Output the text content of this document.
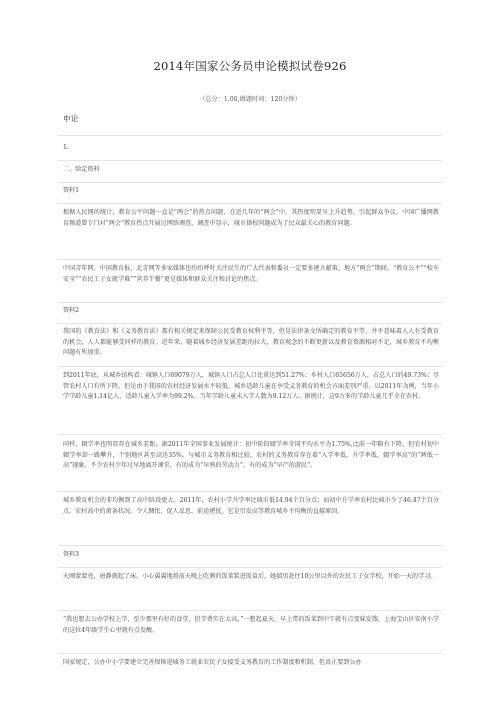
2014年国家公务员申论模拟试卷926
（总分：1.00,做题时间：120分钟）
申论
1.
二、给定资料
资料1

根据人民网的统计，教育公平问题一直是“两会”的热点问题，在近几年的“两会”中，其热度明显呈上升趋势，引起群众争议。中国广播网教育频道曾专门对“两会”教育热点开展过网络调查，调查中显示，城市择校问题成为了民众最关心的教育问题。

中国青年网、中国教育报、北青网等多家媒体也纷纷呼吁关注民生的广大代表和委员一定要多建言献策。地方“两会”期间，“教育公平”“校车安全”“农民工子女就学难”“营养午餐”更是媒体和群众关注和讨论的焦点。

资料2

我国的《教育法》和《义务教育法》都有相关规定来保障公民受教育权利平等，但是法律条文所确定的教育平等，并不意味着人人有受教育的机会，人人都能够受同样的教育。近年来，随着城乡经济发展差距的拉大，教育观念的不断更新以及教育资源相对不足，城乡教育不均衡问题有所加重。

到2011年底，从城乡结构看：城镇人口69079万人，城镇人口占总人口比重达到51.27%；乡村人口65656万人，占总人口的49.73%；尽管农村人口有所下降，但是由于我国的农村经济发展水平较低，城乡适龄儿童在享受义务教育的机会方面差别严重。以2011年为例，当年小学学龄儿童1.14亿人，适龄儿童入学率为99.2%。当年学龄儿童未入学人数为9.12万人。据统计，这9万多的学龄儿童几乎全在农村。

同样，辍学率也明显存在城乡差距，据2011年全国事业发展统计：初中阶段辍学率全国平均水平为1.75%,比前一年略有下降。但农村初中辍学率却一路攀升，个别地区甚至高达35%。与城市义务教育相比较，农村的义务教育存在着“入学率低、升学率低、辍学率高”的“两低一高”现象。不少农村少年过早地离开课堂，有的成为“早熟的劳动力”，有的成为“早产的游民”。

城乡教育机会的非均衡到了高中阶段更大。2011年，农村小学升学率比城市低14.94个百分点；而初中升学率农村比城市少了46.47个百分点。农村高中的萧条状况，令人惆怅，促人反思，前途堪忧。它是引发高等教育城乡不均衡的直接原因。

资料3

天刚蒙蒙亮，唐静就起了床。小心翼翼地将前天晚上吃剩的饭菜装进饭盒后，她揣男赶往10公里以外的农民工子女学校，开始一天的学习。

“我也想去公办学校上学，至少那里有好的食堂，但学费实在太高，”一想起夏天，早上带的饭菜到中午就有点变味发馊，上海宝山区安南小学的这位4年级学生心里就有点发酸。

国家规定，公办中小学要建立完善保障进城务工就业农民子女接受义务教育的工作制度和机制，但真正要到公办
